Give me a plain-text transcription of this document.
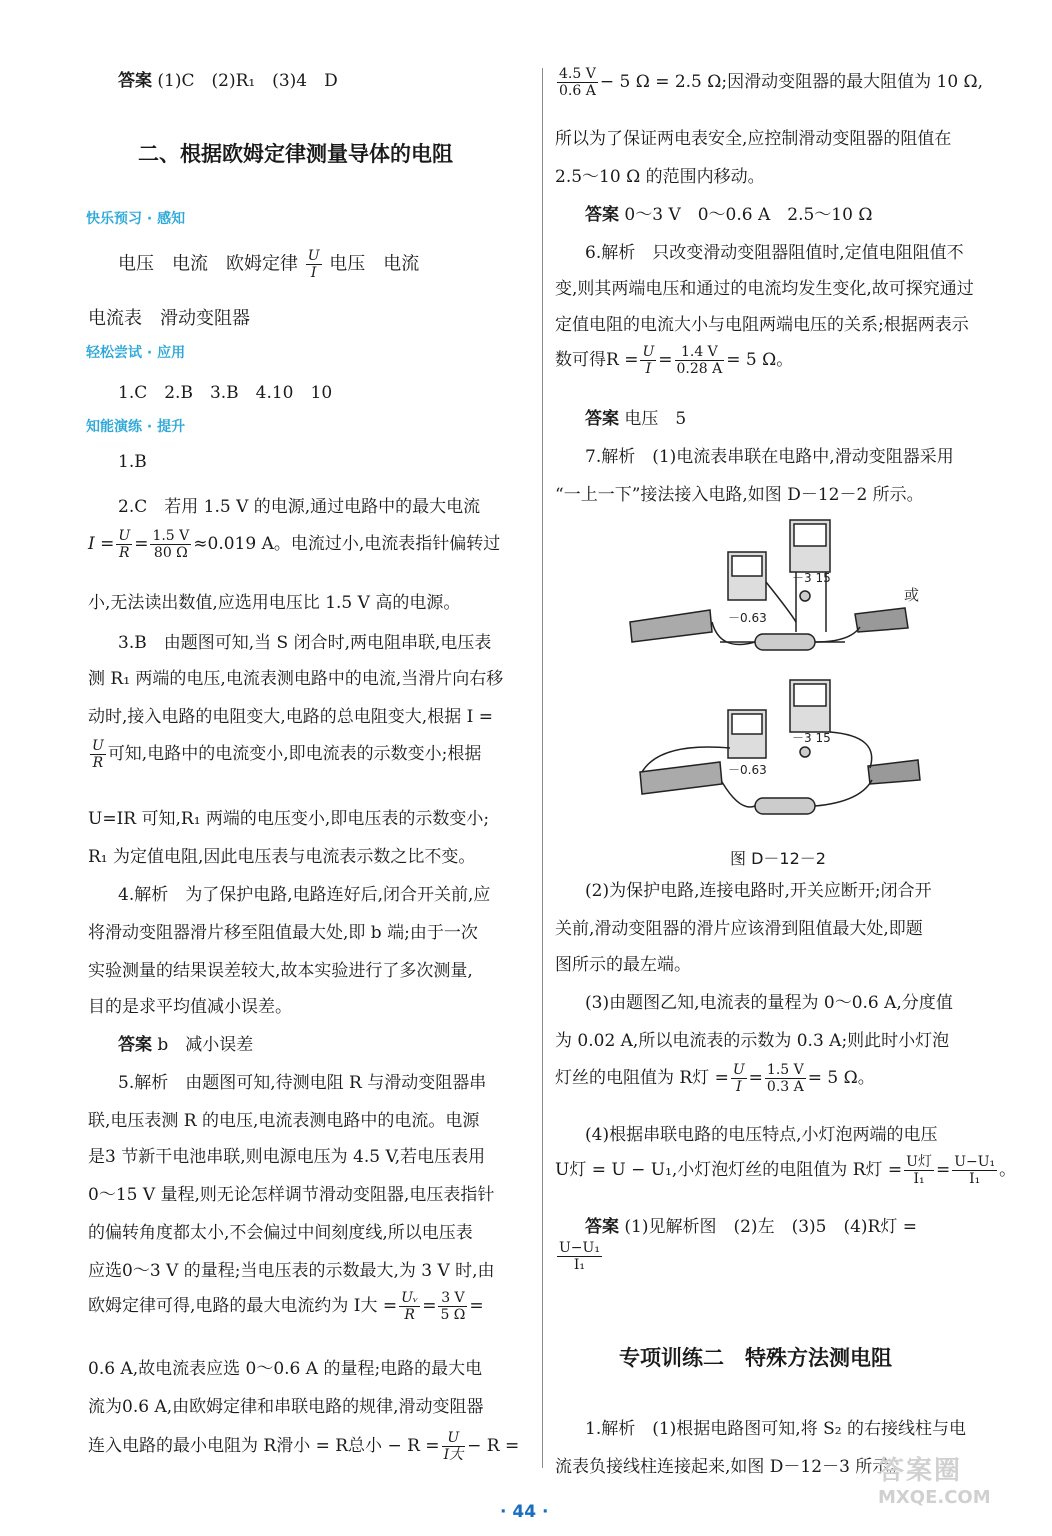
答案 (1)C　(2)R₁　(3)4　D
二、根据欧姆定律测量导体的电阻
快乐预习 · 感知
电压　电流　欧姆定律 $\frac{U}{I}$ 电压　电流
电流表　滑动变阻器
轻松尝试 · 应用
1.C　2.B　3.B　4.10　10
知能演练 · 提升
1.B
2.C　若用 1.5 V 的电源,通过电路中的最大电流
$I = \frac{U}{R} = \frac{1.5 V}{80 \Omega} \approx 0.019$ A。电流过小,电流表指针偏转过
小,无法读出数值,应选用电压比 1.5 V 高的电源。
3.B　由题图可知,当 S 闭合时,两电阻串联,电压表
测 R₁ 两端的电压,电流表测电路中的电流,当滑片向右移
动时,接入电路的电阻变大,电路的总电阻变大,根据 I =
$\frac{U}{R}$ 可知,电路中的电流变小,即电流表的示数变小;根据
U=IR 可知,R₁ 两端的电压变小,即电压表的示数变小;
R₁ 为定值电阻,因此电压表与电流表示数之比不变。
4.解析　为了保护电路,电路连好后,闭合开关前,应
将滑动变阻器滑片移至阻值最大处,即 b 端;由于一次
实验测量的结果误差较大,故本实验进行了多次测量,
目的是求平均值减小误差。
答案 b　减小误差
5.解析　由题图可知,待测电阻 R 与滑动变阻器串
联,电压表测 R 的电压,电流表测电路中的电流。电源
是3 节新干电池串联,则电源电压为 4.5 V,若电压表用
0～15 V 量程,则无论怎样调节滑动变阻器,电压表指针
的偏转角度都太小,不会偏过中间刻度线,所以电压表
应选0～3 V 的量程;当电压表的示数最大,为 3 V 时,由
欧姆定律可得,电路的最大电流约为 I大 = $\frac{\text{Uᵥ}}{R} = \frac{3 V}{5 \Omega}$ =
0.6 A,故电流表应选 0～0.6 A 的量程;电路的最大电
流为0.6 A,由欧姆定律和串联电路的规律,滑动变阻器
连入电路的最小电阻为 R滑小 = R总小 − $R = \frac{U}{\text{I大}} - R$ =
$\frac{4.5 V}{0.6 A} - 5$ Ω = 2.5 Ω;因滑动变阻器的最大阻值为 10 Ω,
所以为了保证两电表安全,应控制滑动变阻器的阻值在
2.5～10 Ω 的范围内移动。
答案 0～3 V　0～0.6 A　2.5～10 Ω
6.解析　只改变滑动变阻器阻值时,定值电阻阻值不
变,则其两端电压和通过的电流均发生变化,故可探究通过
定值电阻的电流大小与电阻两端电压的关系;根据两表示
数可得$R = \frac{U}{I} = \frac{1.4 V}{0.28 A} = 5$ Ω。
答案 电压　5
7.解析　(1)电流表串联在电路中,滑动变阻器采用
“一上一下”接法接入电路,如图 D－12－2 所示。
(2)为保护电路,连接电路时,开关应断开;闭合开
关前,滑动变阻器的滑片应该滑到阻值最大处,即题
图所示的最左端。
(3)由题图乙知,电流表的量程为 0～0.6 A,分度值
为 0.02 A,所以电流表的示数为 0.3 A;则此时小灯泡
灯丝的电阻值为 R灯 = $\frac{U}{I} = \frac{1.5 V}{0.3 A} = 5$ Ω。
(4)根据串联电路的电压特点,小灯泡两端的电压
U灯 = U − U₁,小灯泡灯丝的电阻值为 R灯 = $\frac{\text{U灯}}{\text{I₁}} = \frac{\text{U−U₁}}{\text{I₁}}$ 。
答案 (1)见解析图　(2)左　(3)5　(4)R灯 =
$\frac{\text{U−U₁}}{\text{I₁}}$
专项训练二　特殊方法测电阻
1.解析　(1)根据电路图可知,将 S₂ 的右接线柱与电
流表负接线柱连接起来,如图 D－12－3 所示。
－0.63
－3 15
－0.63
－3 15
或
图 D－12－2
· 44 ·
答案圈
MXQE.COM
